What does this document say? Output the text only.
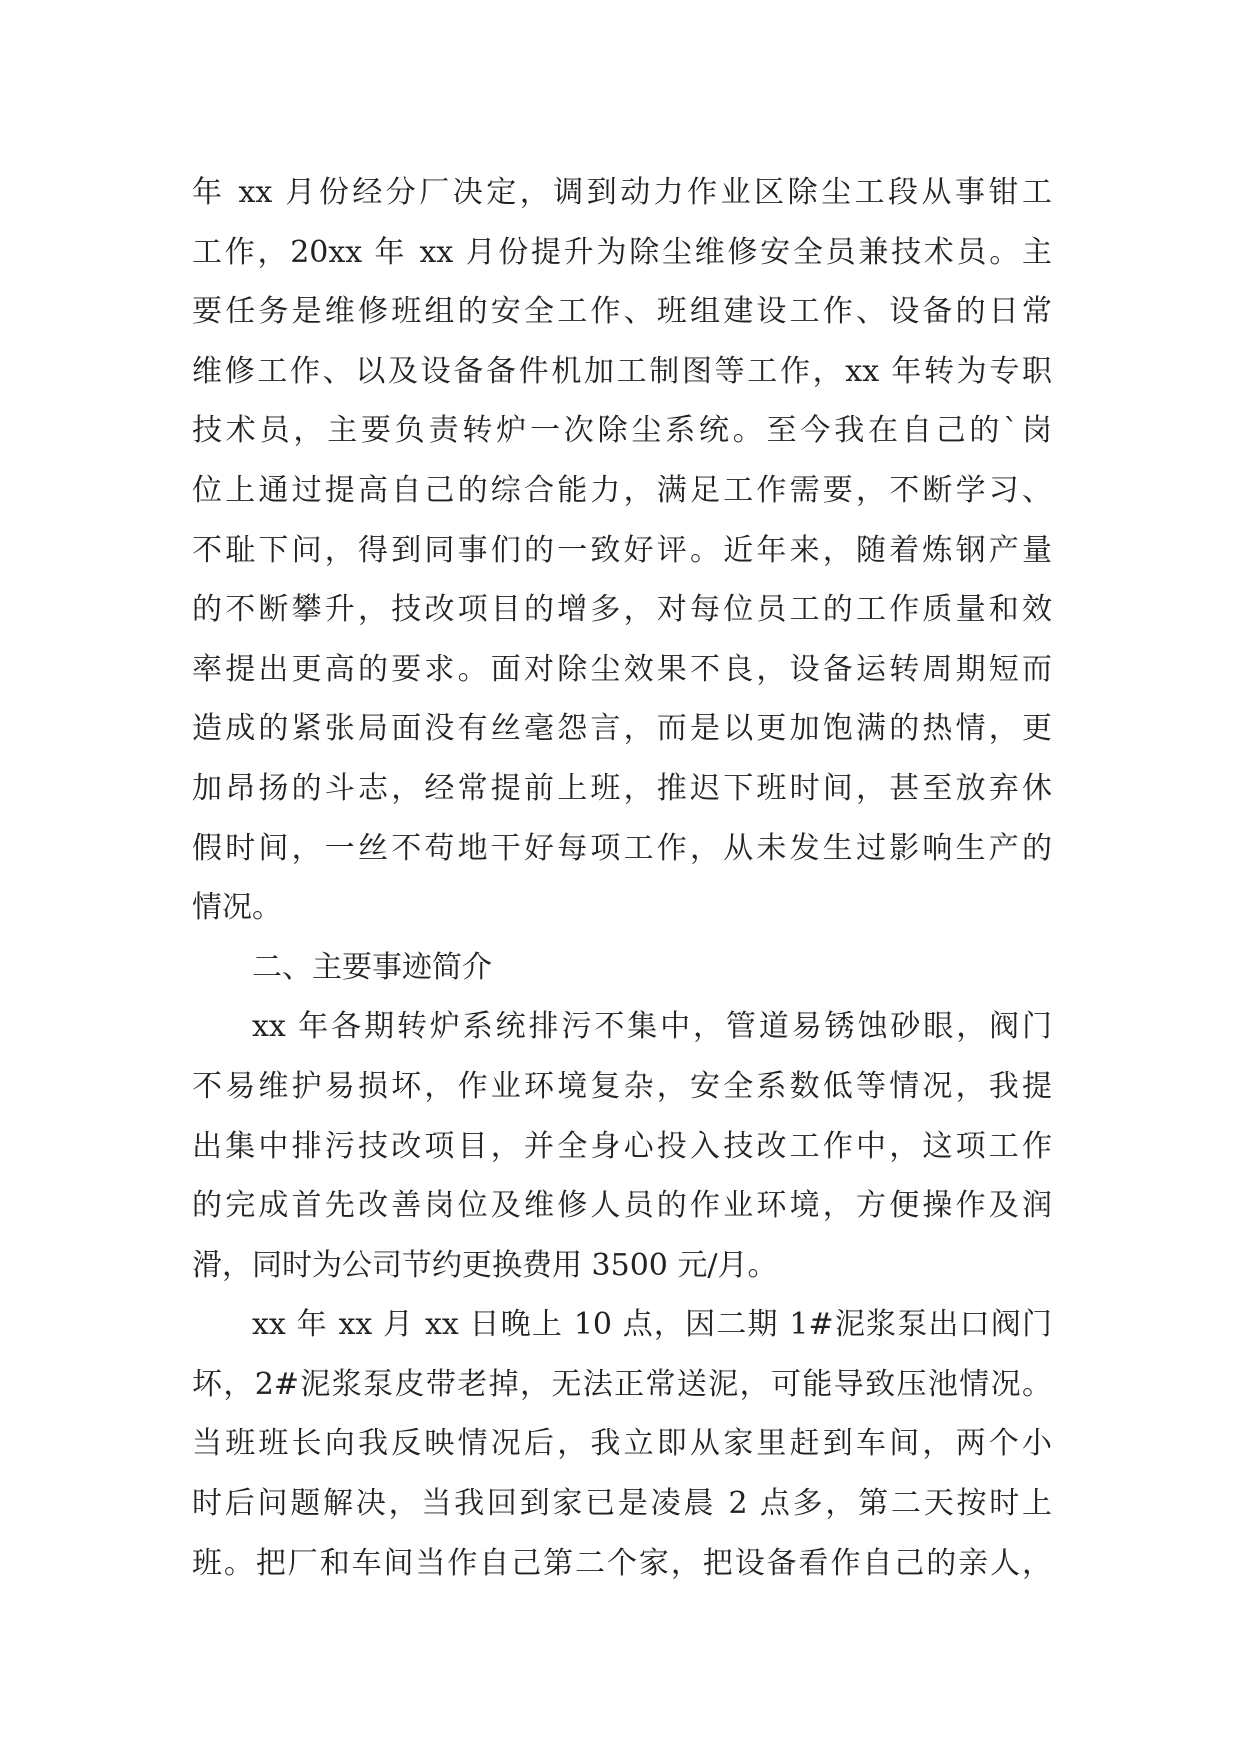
年 xx 月份经分厂决定，调到动力作业区除尘工段从事钳工
工作，20xx 年 xx 月份提升为除尘维修安全员兼技术员。主
要任务是维修班组的安全工作、班组建设工作、设备的日常
维修工作、以及设备备件机加工制图等工作，xx 年转为专职
技术员，主要负责转炉一次除尘系统。至今我在自己的`岗
位上通过提高自己的综合能力，满足工作需要，不断学习、
不耻下问，得到同事们的一致好评。近年来，随着炼钢产量
的不断攀升，技改项目的增多，对每位员工的工作质量和效
率提出更高的要求。面对除尘效果不良，设备运转周期短而
造成的紧张局面没有丝毫怨言，而是以更加饱满的热情，更
加昂扬的斗志，经常提前上班，推迟下班时间，甚至放弃休
假时间，一丝不苟地干好每项工作，从未发生过影响生产的
情况。
二、主要事迹简介
xx 年各期转炉系统排污不集中，管道易锈蚀砂眼，阀门
不易维护易损坏，作业环境复杂，安全系数低等情况，我提
出集中排污技改项目，并全身心投入技改工作中，这项工作
的完成首先改善岗位及维修人员的作业环境，方便操作及润
滑，同时为公司节约更换费用 3500 元/月。
xx 年 xx 月 xx 日晚上 10 点，因二期 1#泥浆泵出口阀门
坏，2#泥浆泵皮带老掉，无法正常送泥，可能导致压池情况。
当班班长向我反映情况后，我立即从家里赶到车间，两个小
时后问题解决，当我回到家已是凌晨 2 点多，第二天按时上
班。把厂和车间当作自己第二个家，把设备看作自己的亲人，
